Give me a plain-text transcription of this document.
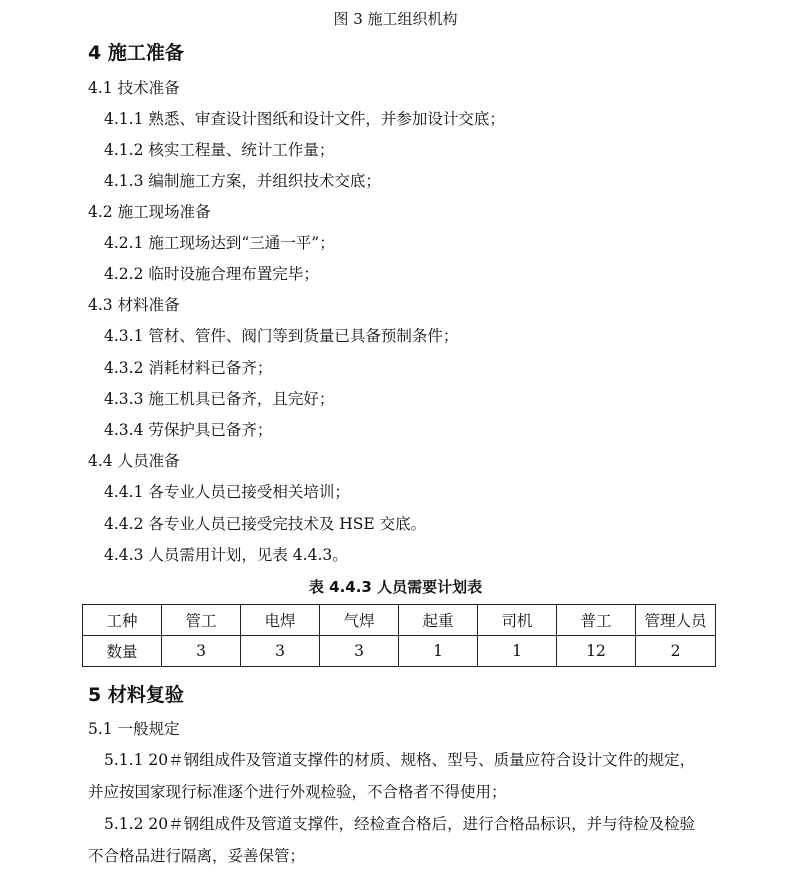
图 3 施工组织机构
4 施工准备
4.1 技术准备
4.1.1 熟悉、审查设计图纸和设计文件，并参加设计交底；
4.1.2 核实工程量、统计工作量；
4.1.3 编制施工方案，并组织技术交底；
4.2 施工现场准备
4.2.1 施工现场达到“三通一平”；
4.2.2 临时设施合理布置完毕；
4.3 材料准备
4.3.1 管材、管件、阀门等到货量已具备预制条件；
4.3.2 消耗材料已备齐；
4.3.3 施工机具已备齐，且完好；
4.3.4 劳保护具已备齐；
4.4 人员准备
4.4.1 各专业人员已接受相关培训；
4.4.2 各专业人员已接受完技术及 HSE 交底。
4.4.3 人员需用计划，见表 4.4.3。
表 4.4.3 人员需要计划表
工种	管工	电焊	气焊	起重	司机	普工	管理人员
数量	3	3	3	1	1	12	2
5 材料复验
5.1 一般规定
5.1.1 20＃钢组成件及管道支撑件的材质、规格、型号、质量应符合设计文件的规定，
并应按国家现行标准逐个进行外观检验，不合格者不得使用；
5.1.2 20＃钢组成件及管道支撑件，经检查合格后，进行合格品标识，并与待检及检验
不合格品进行隔离，妥善保管；
